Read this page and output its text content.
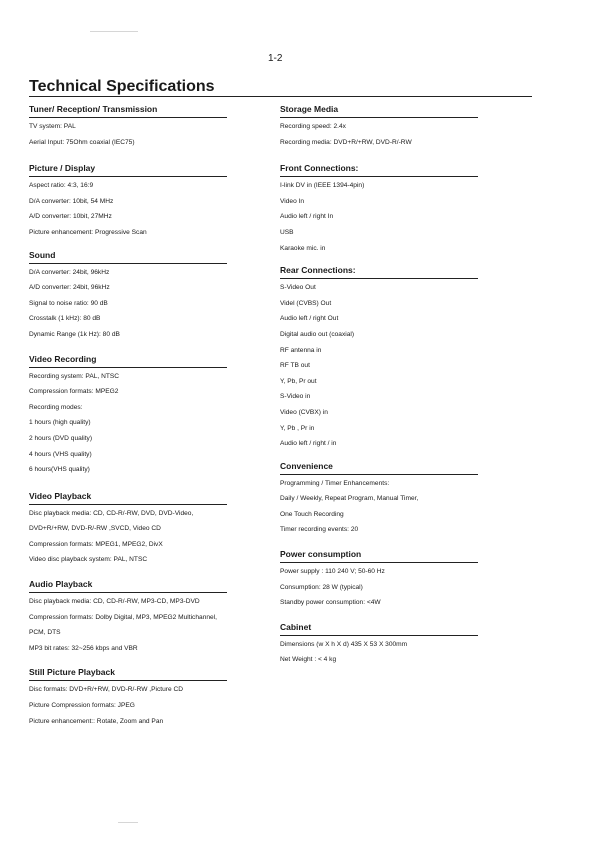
1-2
Technical Specifications
Tuner/ Reception/ Transmission
TV system: PAL
Aerial Input: 75Ohm coaxial (IEC75)
Picture / Display
Aspect ratio: 4:3, 16:9
D/A converter: 10bit, 54 MHz
A/D converter: 10bit, 27MHz
Picture enhancement: Progressive Scan
Sound
D/A converter: 24bit, 96kHz
A/D converter: 24bit, 96kHz
Signal to noise ratio: 90 dB
Crosstalk (1 kHz): 80 dB
Dynamic Range (1k Hz): 80 dB
Video Recording
Recording system: PAL, NTSC
Compression formats: MPEG2
Recording modes:
1 hours (high quality)
2 hours (DVD quality)
4 hours (VHS quality)
6 hours(VHS quality)
Video Playback
Disc playback media: CD, CD-R/-RW, DVD, DVD-Video,
DVD+R/+RW, DVD-R/-RW ,SVCD, Video CD
Compression formats: MPEG1, MPEG2, DivX
Video disc playback system: PAL, NTSC
Audio Playback
Disc playback media: CD, CD-R/-RW, MP3-CD, MP3-DVD
Compression formats: Dolby Digital, MP3, MPEG2 Multichannel,
PCM, DTS
MP3 bit rates: 32~256 kbps and VBR
Still Picture Playback
Disc formats: DVD+R/+RW, DVD-R/-RW ,Picture CD
Picture Compression formats: JPEG
Picture enhancement:: Rotate, Zoom and Pan
Storage Media
Recording speed: 2.4x
Recording media: DVD+R/+RW, DVD-R/-RW
Front Connections:
I-link DV in (IEEE 1394-4pin)
Video In
Audio left / right In
USB
Karaoke mic. in
Rear Connections:
S-Video Out
Videl (CVBS) Out
Audio left / right Out
Digital audio out (coaxial)
RF antenna in
RF TB out
Y, Pb, Pr out
S-Video in
Video (CVBX) in
Y, Pb , Pr in
Audio left / right / in
Convenience
Programming / Timer Enhancements:
Daily / Weekly, Repeat Program, Manual Timer,
One Touch Recording
Timer recording events: 20
Power consumption
Power supply : 110 240 V; 50-60 Hz
Consumption: 28 W (typical)
Standby power consumption: <4W
Cabinet
Dimensions (w X h X d) 435 X 53 X 300mm
Net Weight : < 4 kg
